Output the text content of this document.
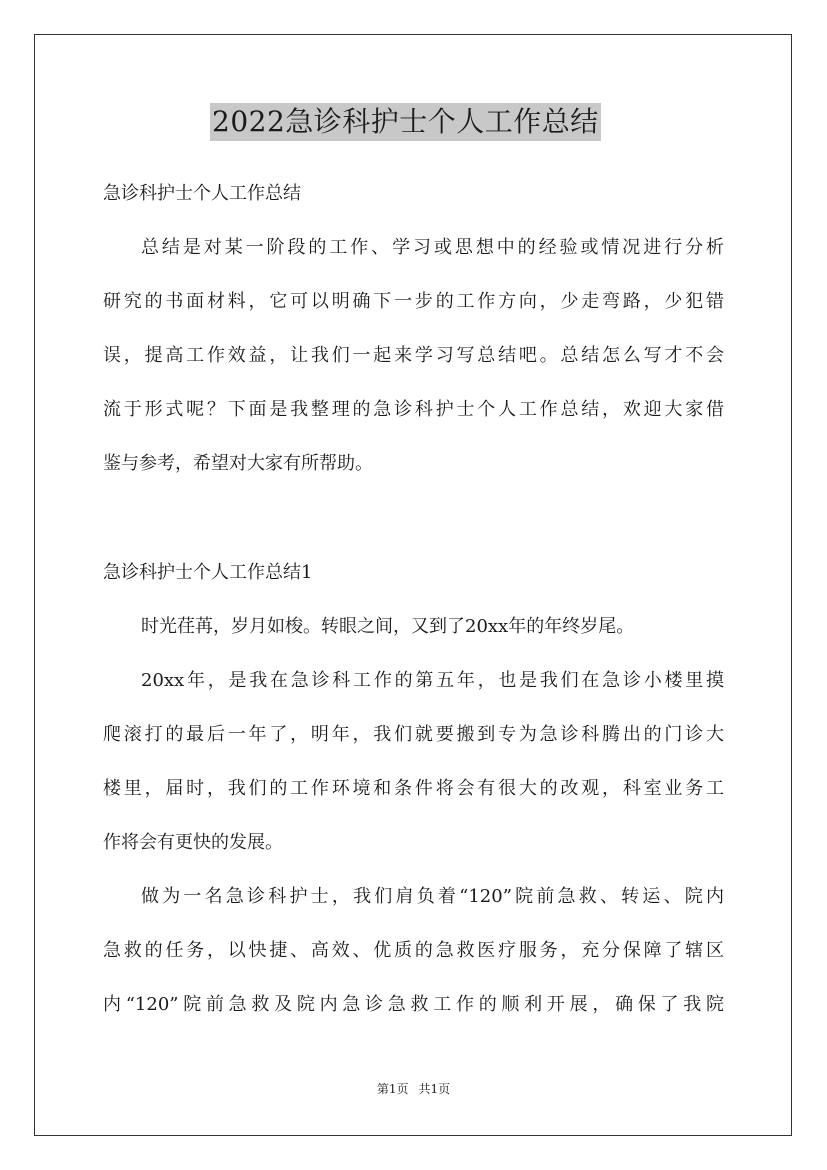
2022急诊科护士个人工作总结
急诊科护士个人工作总结
总结是对某一阶段的工作、学习或思想中的经验或情况进行分析
研究的书面材料，它可以明确下一步的工作方向，少走弯路，少犯错
误，提高工作效益，让我们一起来学习写总结吧。总结怎么写才不会
流于形式呢？下面是我整理的急诊科护士个人工作总结，欢迎大家借
鉴与参考，希望对大家有所帮助。
急诊科护士个人工作总结1
时光荏苒，岁月如梭。转眼之间，又到了20xx年的年终岁尾。
20xx年，是我在急诊科工作的第五年，也是我们在急诊小楼里摸
爬滚打的最后一年了，明年，我们就要搬到专为急诊科腾出的门诊大
楼里，届时，我们的工作环境和条件将会有很大的改观，科室业务工
作将会有更快的发展。
做为一名急诊科护士，我们肩负着“120”院前急救、转运、院内
急救的任务，以快捷、高效、优质的急救医疗服务，充分保障了辖区
内“120”院前急救及院内急诊急救工作的顺利开展，确保了我院
第1页 共1页
